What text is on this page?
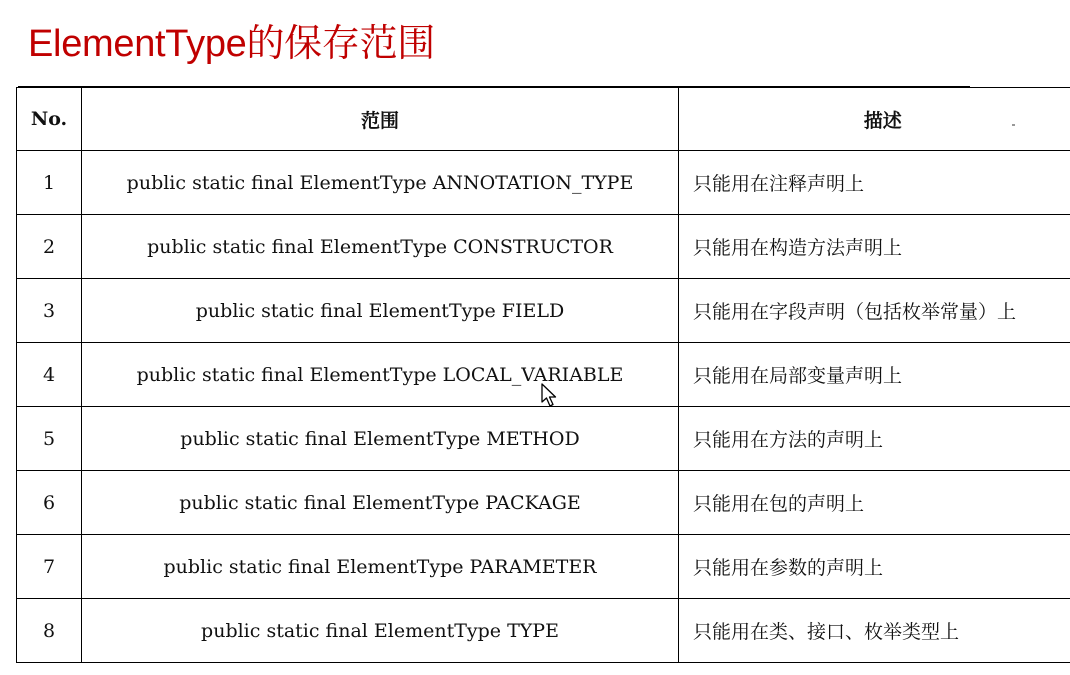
ElementType的保存范围
No.	范围	描述
1	public static final ElementType ANNOTATION_TYPE	只能用在注释声明上
2	public static final ElementType CONSTRUCTOR	只能用在构造方法声明上
3	public static final ElementType FIELD	只能用在字段声明（包括枚举常量）上
4	public static final ElementType LOCAL_VARIABLE	只能用在局部变量声明上
5	public static final ElementType METHOD	只能用在方法的声明上
6	public static final ElementType PACKAGE	只能用在包的声明上
7	public static final ElementType PARAMETER	只能用在参数的声明上
8	public static final ElementType TYPE	只能用在类、接口、枚举类型上
